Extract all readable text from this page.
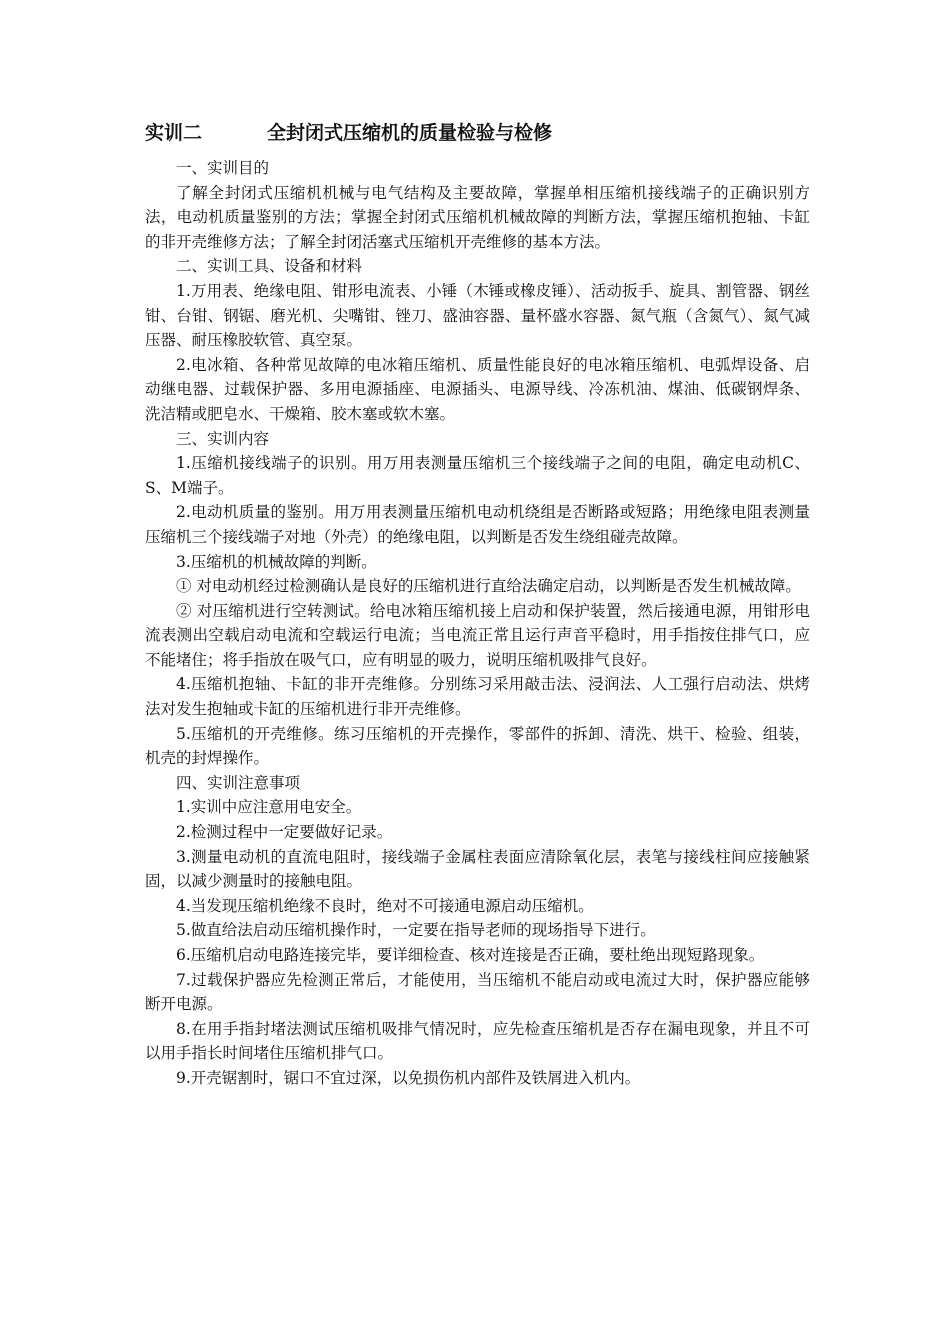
实训二	全封闭式压缩机的质量检验与检修

一、实训目的

了解全封闭式压缩机机械与电气结构及主要故障，掌握单相压缩机接线端子的正确识别方法，电动机质量鉴别的方法；掌握全封闭式压缩机机械故障的判断方法，掌握压缩机抱轴、卡缸的非开壳维修方法；了解全封闭活塞式压缩机开壳维修的基本方法。

二、实训工具、设备和材料

1.万用表、绝缘电阻、钳形电流表、小锤（木锤或橡皮锤）、活动扳手、旋具、割管器、钢丝钳、台钳、钢锯、磨光机、尖嘴钳、锉刀、盛油容器、量杯盛水容器、氮气瓶（含氮气）、氮气减压器、耐压橡胶软管、真空泵。

2.电冰箱、各种常见故障的电冰箱压缩机、质量性能良好的电冰箱压缩机、电弧焊设备、启动继电器、过载保护器、多用电源插座、电源插头、电源导线、冷冻机油、煤油、低碳钢焊条、洗洁精或肥皂水、干燥箱、胶木塞或软木塞。

三、实训内容

1.压缩机接线端子的识别。用万用表测量压缩机三个接线端子之间的电阻，确定电动机C、S、M端子。

2.电动机质量的鉴别。用万用表测量压缩机电动机绕组是否断路或短路；用绝缘电阻表测量压缩机三个接线端子对地（外壳）的绝缘电阻，以判断是否发生绕组碰壳故障。

3.压缩机的机械故障的判断。

① 对电动机经过检测确认是良好的压缩机进行直给法确定启动，以判断是否发生机械故障。

② 对压缩机进行空转测试。给电冰箱压缩机接上启动和保护装置，然后接通电源，用钳形电流表测出空载启动电流和空载运行电流；当电流正常且运行声音平稳时，用手指按住排气口，应不能堵住；将手指放在吸气口，应有明显的吸力，说明压缩机吸排气良好。

4.压缩机抱轴、卡缸的非开壳维修。分别练习采用敲击法、浸润法、人工强行启动法、烘烤法对发生抱轴或卡缸的压缩机进行非开壳维修。

5.压缩机的开壳维修。练习压缩机的开壳操作，零部件的拆卸、清洗、烘干、检验、组装，机壳的封焊操作。

四、实训注意事项

1.实训中应注意用电安全。

2.检测过程中一定要做好记录。

3.测量电动机的直流电阻时，接线端子金属柱表面应清除氧化层，表笔与接线柱间应接触紧固，以减少测量时的接触电阻。

4.当发现压缩机绝缘不良时，绝对不可接通电源启动压缩机。

5.做直给法启动压缩机操作时，一定要在指导老师的现场指导下进行。

6.压缩机启动电路连接完毕，要详细检查、核对连接是否正确，要杜绝出现短路现象。

7.过载保护器应先检测正常后，才能使用，当压缩机不能启动或电流过大时，保护器应能够断开电源。

8.在用手指封堵法测试压缩机吸排气情况时，应先检查压缩机是否存在漏电现象，并且不可以用手指长时间堵住压缩机排气口。

9.开壳锯割时，锯口不宜过深，以免损伤机内部件及铁屑进入机内。
